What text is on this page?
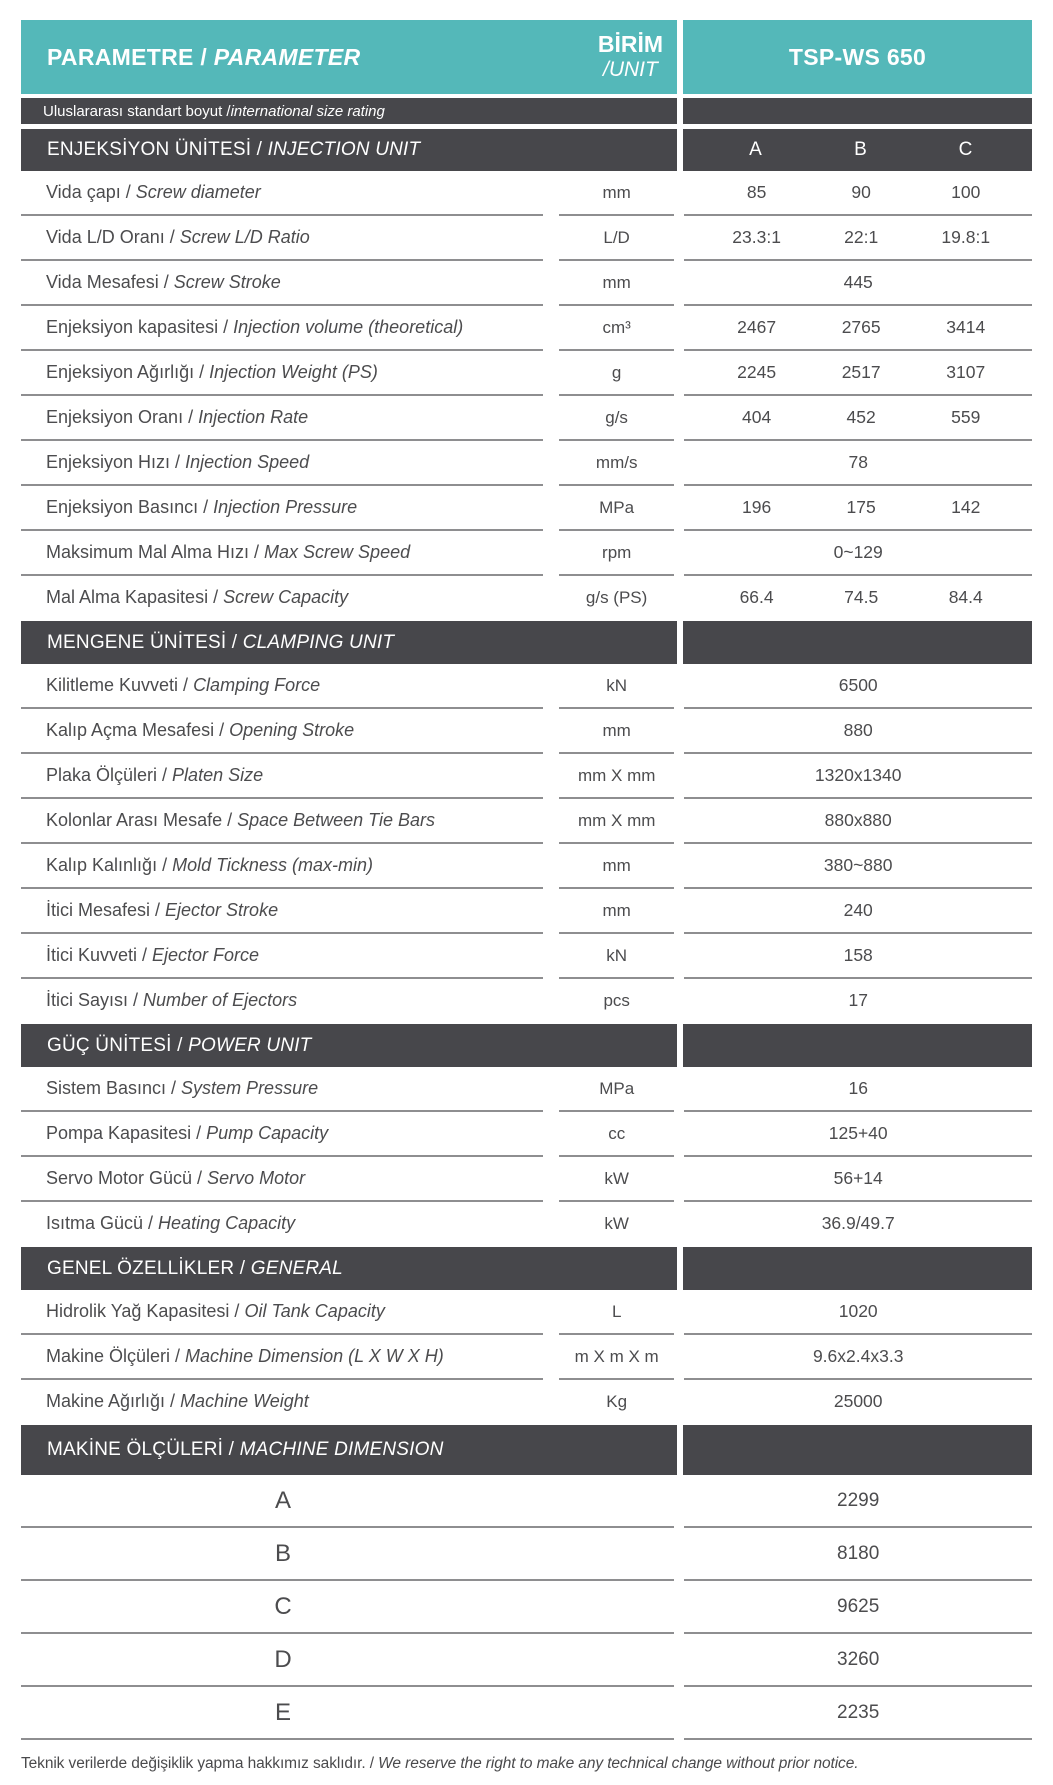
PARAMETRE / PARAMETER	BİRİM
/UNIT
TSP-WS 650
Uluslararası standart boyut / international size rating
ENJEKSİYON ÜNİTESİ / INJECTION UNIT	A	B	C
Vida çapı / Screw diameter	mm	85	90	100
Vida L/D Oranı / Screw L/D Ratio	L/D	23.3:1	22:1	19.8:1
Vida Mesafesi / Screw Stroke	mm	445
Enjeksiyon kapasitesi / Injection volume (theoretical)	cm³	2467	2765	3414
Enjeksiyon Ağırlığı / Injection Weight (PS)	g	2245	2517	3107
Enjeksiyon Oranı / Injection Rate	g/s	404	452	559
Enjeksiyon Hızı / Injection Speed	mm/s	78
Enjeksiyon Basıncı / Injection Pressure	MPa	196	175	142
Maksimum Mal Alma Hızı / Max Screw Speed	rpm	0~129
Mal Alma Kapasitesi / Screw Capacity	g/s (PS)	66.4	74.5	84.4
MENGENE ÜNİTESİ / CLAMPING UNIT
Kilitleme Kuvveti / Clamping Force	kN	6500
Kalıp Açma Mesafesi / Opening Stroke	mm	880
Plaka Ölçüleri / Platen Size	mm X mm	1320x1340
Kolonlar Arası Mesafe / Space Between Tie Bars	mm X mm	880x880
Kalıp Kalınlığı / Mold Tickness (max-min)	mm	380~880
İtici Mesafesi / Ejector Stroke	mm	240
İtici Kuvveti / Ejector Force	kN	158
İtici Sayısı / Number of Ejectors	pcs	17
GÜÇ ÜNİTESİ / POWER UNIT
Sistem Basıncı / System Pressure	MPa	16
Pompa Kapasitesi / Pump Capacity	cc	125+40
Servo Motor Gücü / Servo Motor	kW	56+14
Isıtma Gücü / Heating Capacity	kW	36.9/49.7
GENEL ÖZELLİKLER / GENERAL
Hidrolik Yağ Kapasitesi / Oil Tank Capacity	L	1020
Makine Ölçüleri / Machine Dimension (L X W X H)	m X m X m	9.6x2.4x3.3
Makine Ağırlığı / Machine Weight	Kg	25000
MAKİNE ÖLÇÜLERİ / MACHINE DIMENSION
A	2299
B	8180
C	9625
D	3260
E	2235
Teknik verilerde değişiklik yapma hakkımız saklıdır. / We reserve the right to make any technical change without prior notice.
